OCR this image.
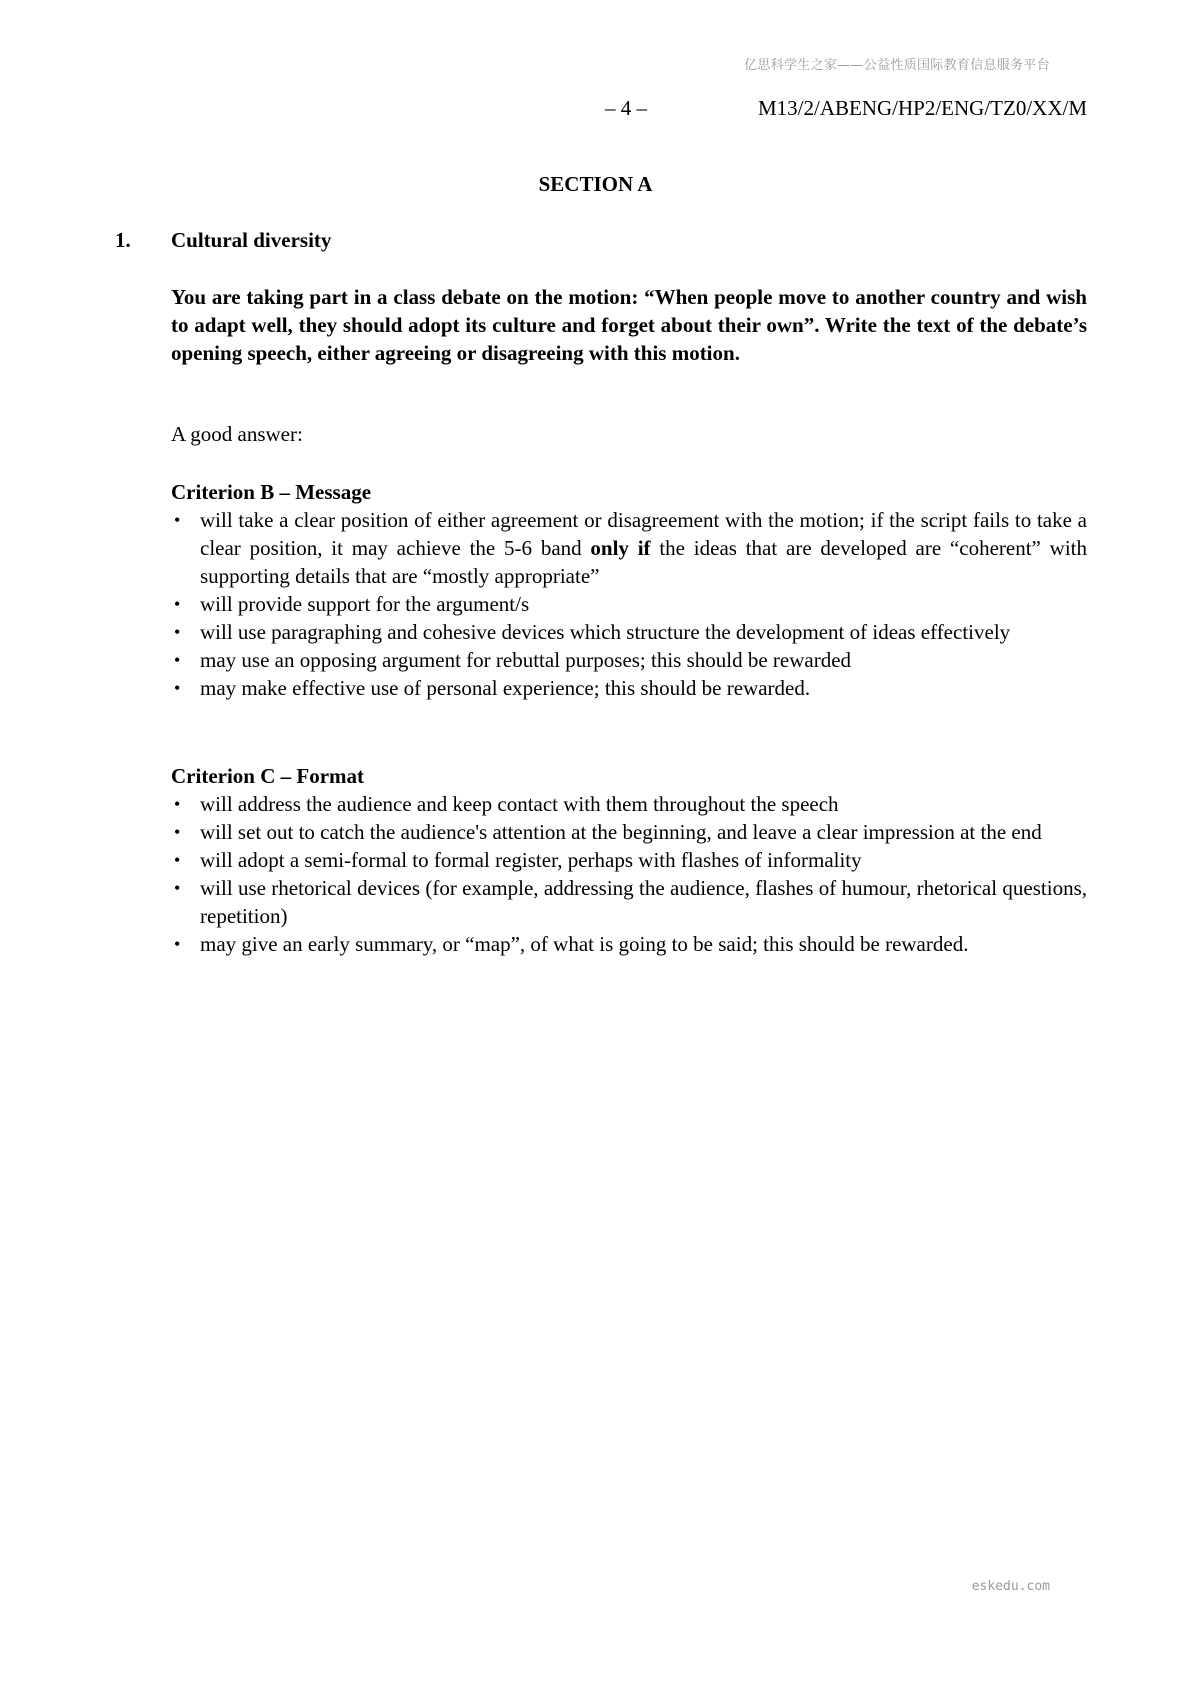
亿思科学生之家——公益性质国际教育信息服务平台
– 4 –	M13/2/ABENG/HP2/ENG/TZ0/XX/M
SECTION A
1. Cultural diversity

You are taking part in a class debate on the motion: “When people move to another country and wish to adapt well, they should adopt its culture and forget about their own”. Write the text of the debate’s opening speech, either agreeing or disagreeing with this motion.

A good answer:
Criterion B – Message
• will take a clear position of either agreement or disagreement with the motion; if the script fails to take a clear position, it may achieve the 5-6 band only if the ideas that are developed are “coherent” with supporting details that are “mostly appropriate”
• will provide support for the argument/s
• will use paragraphing and cohesive devices which structure the development of ideas effectively
• may use an opposing argument for rebuttal purposes; this should be rewarded
• may make effective use of personal experience; this should be rewarded.
Criterion C – Format
• will address the audience and keep contact with them throughout the speech
• will set out to catch the audience's attention at the beginning, and leave a clear impression at the end
• will adopt a semi-formal to formal register, perhaps with flashes of informality
• will use rhetorical devices (for example, addressing the audience, flashes of humour, rhetorical questions, repetition)
• may give an early summary, or “map”, of what is going to be said; this should be rewarded.
eskedu.com
